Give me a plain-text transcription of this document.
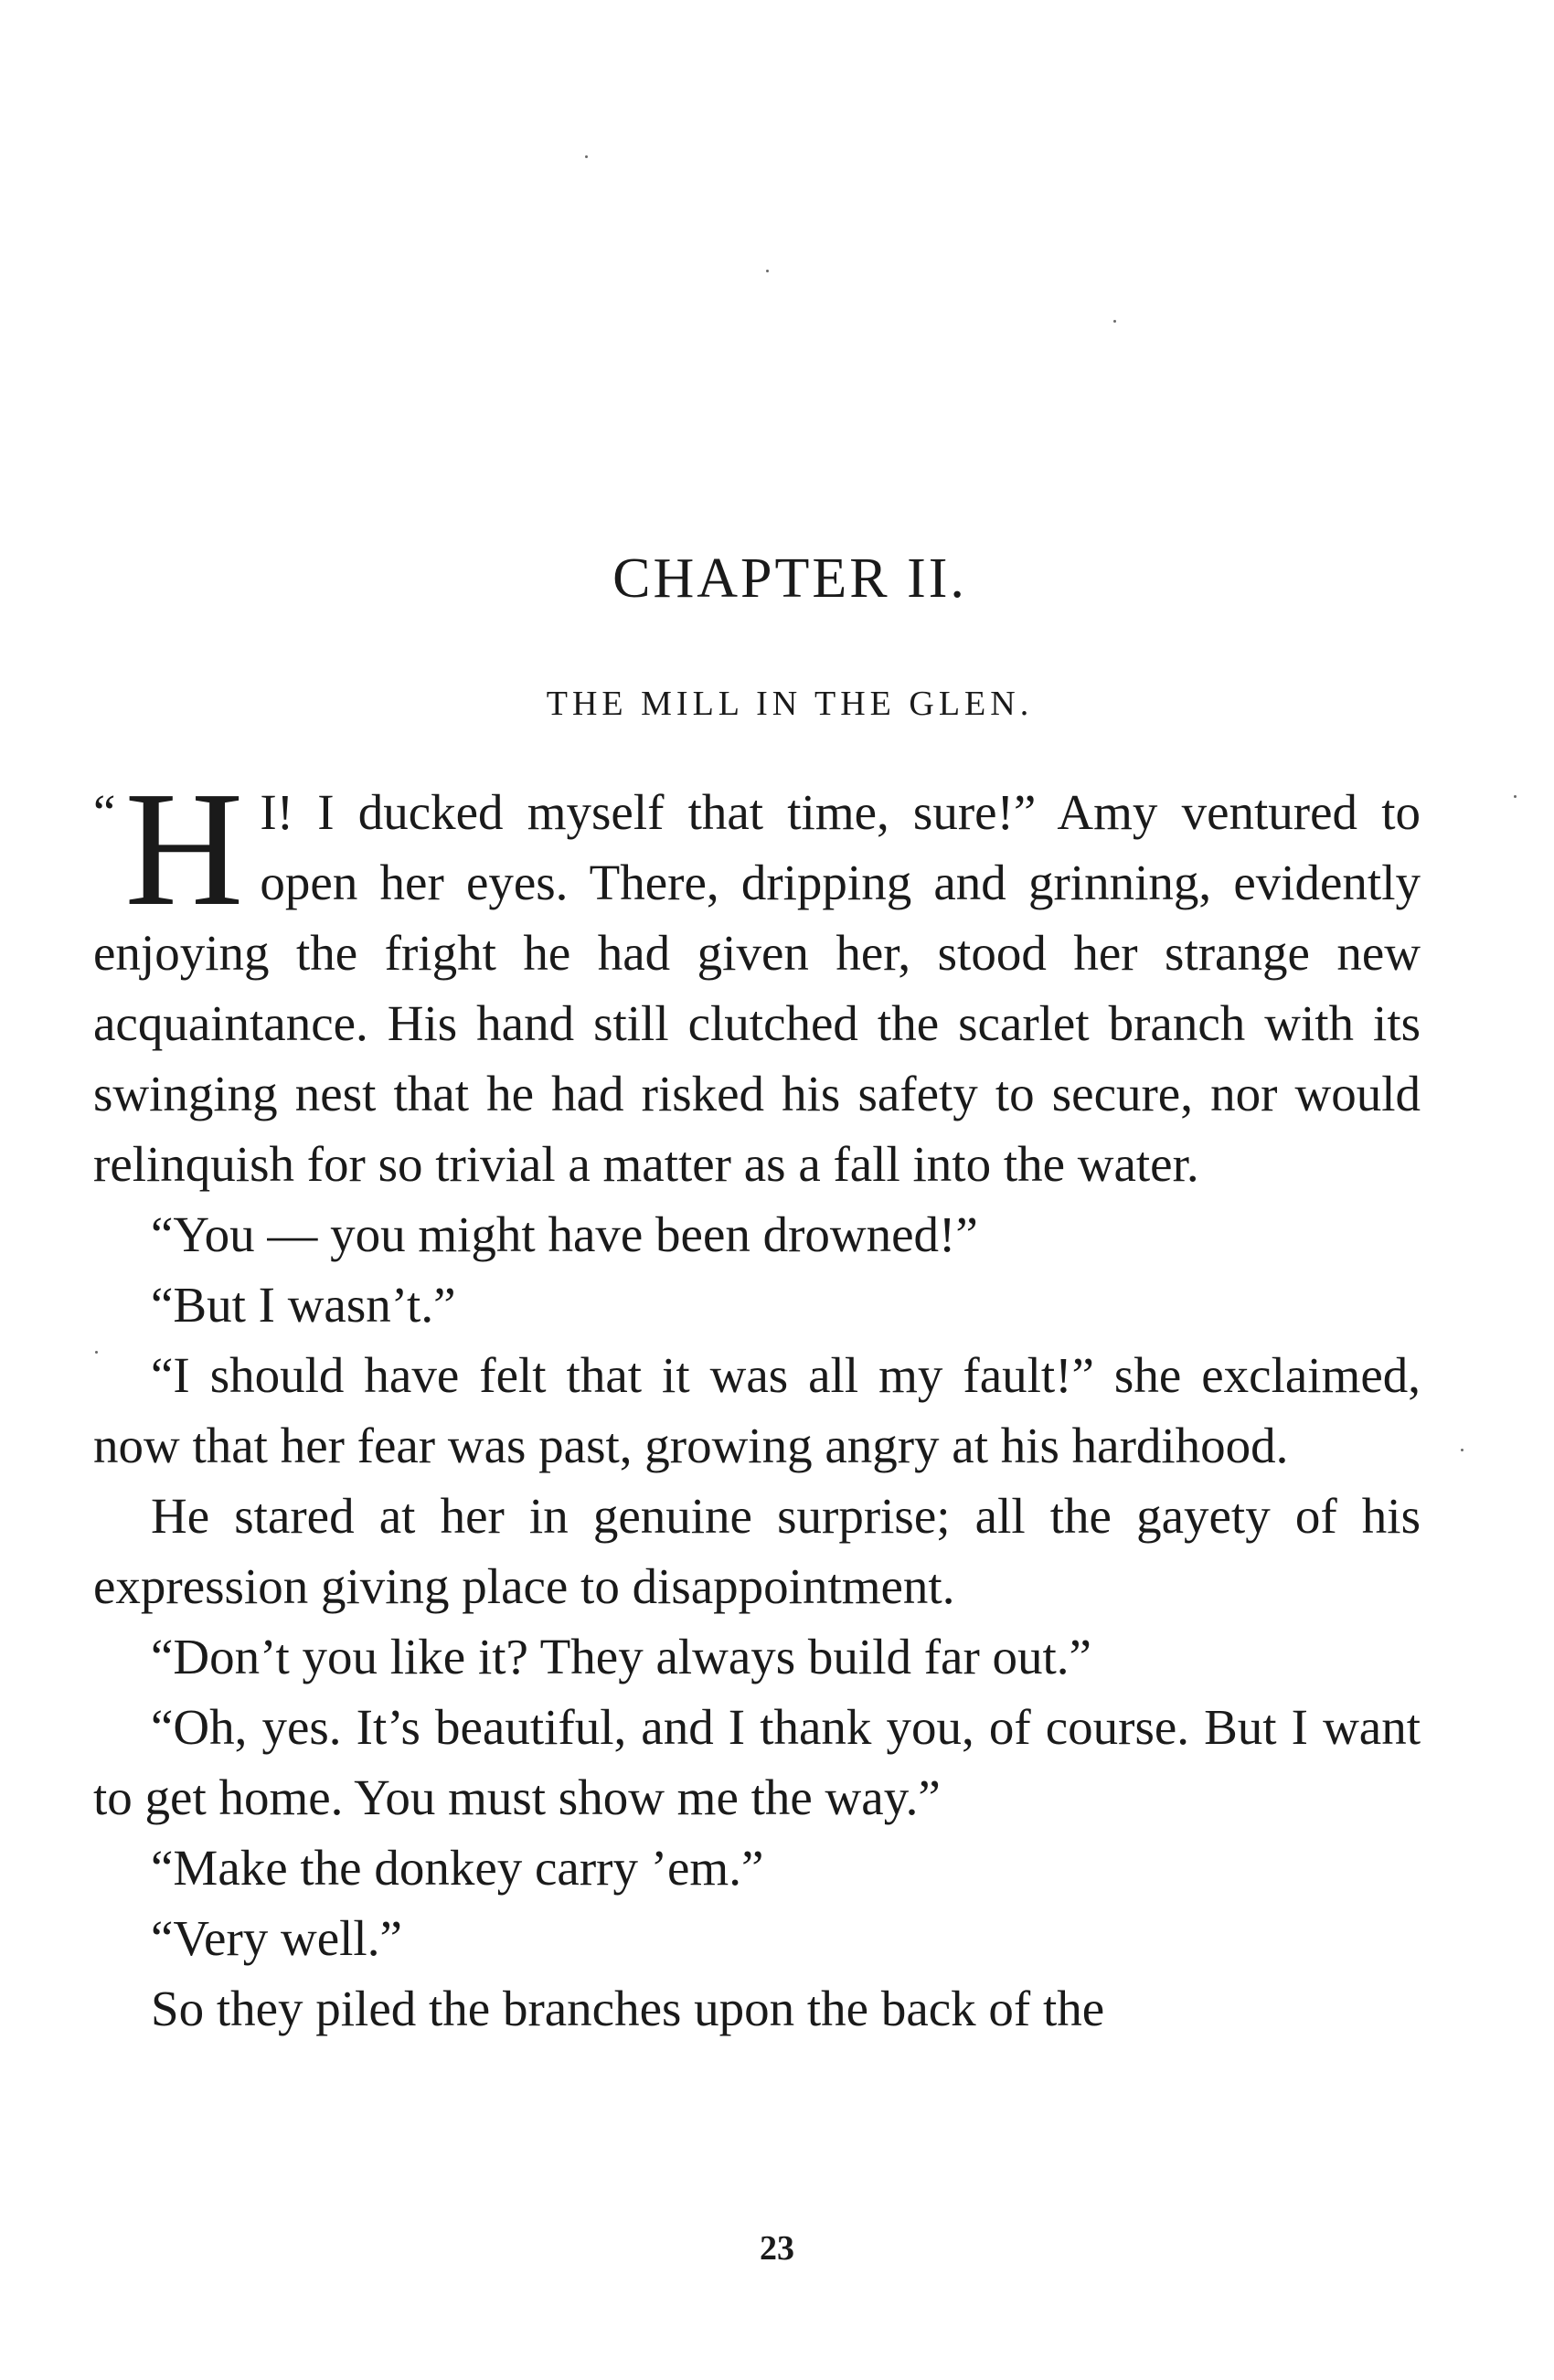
CHAPTER II.
THE MILL IN THE GLEN.

“ H I! I ducked myself that time, sure!” Amy ventured to open her eyes. There, dripping and grinning, evidently enjoying the fright he had given her, stood her strange new acquaintance. His hand still clutched the scarlet branch with its swinging nest that he had risked his safety to secure, nor would relinquish for so trivial a matter as a fall into the water.

“You — you might have been drowned!”

“But I wasn’t.”

“I should have felt that it was all my fault!” she exclaimed, now that her fear was past, growing angry at his hardihood.

He stared at her in genuine surprise; all the gayety of his expression giving place to disappointment.

“Don’t you like it? They always build far out.”

“Oh, yes. It’s beautiful, and I thank you, of course. But I want to get home. You must show me the way.”

“Make the donkey carry ’em.”

“Very well.”

So they piled the branches upon the back of the

23
